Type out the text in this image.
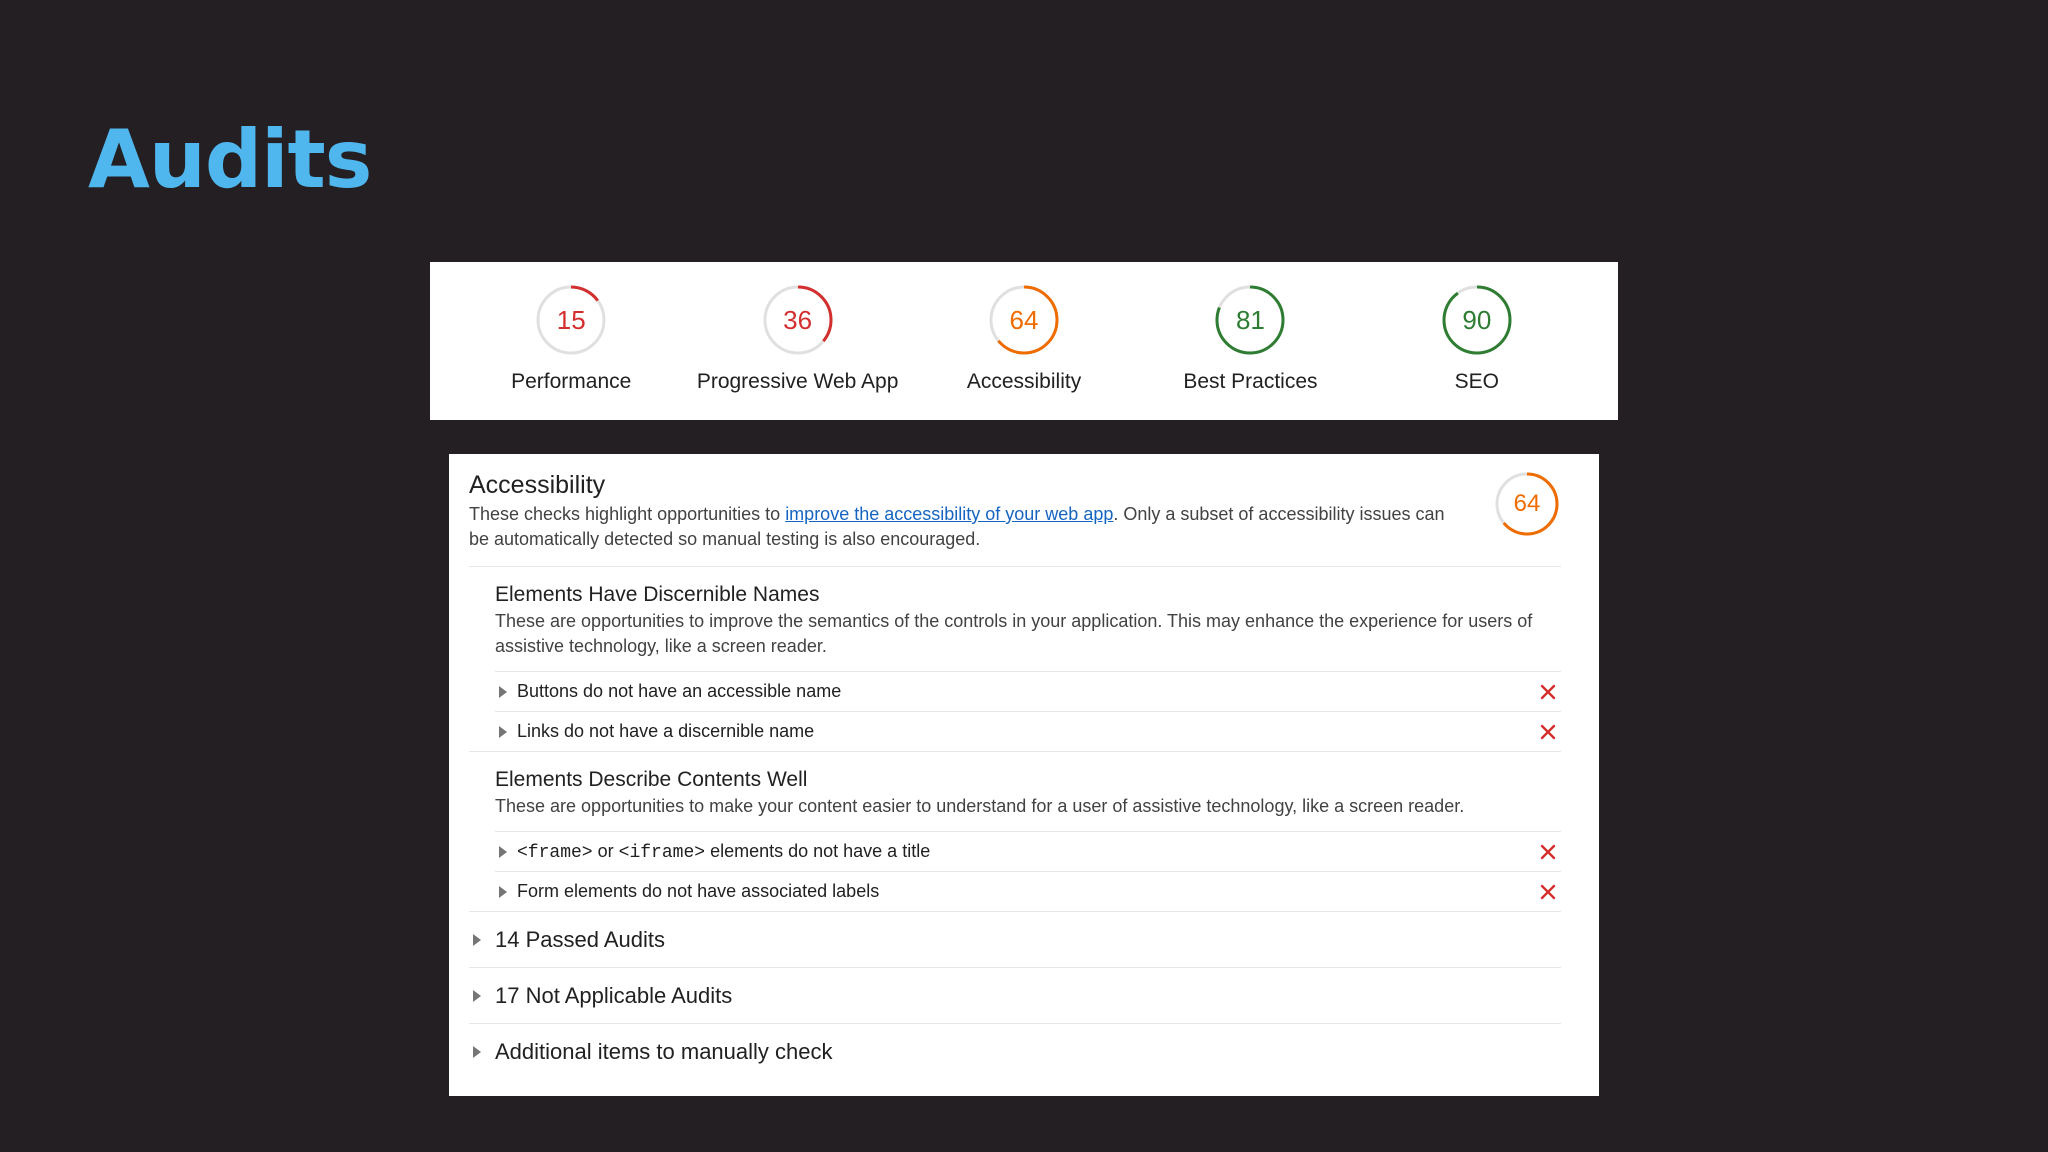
Audits
15
Performance
36
Progressive Web App
64
Accessibility
81
Best Practices
90
SEO
Accessibility
These checks highlight opportunities to improve the accessibility of your web app. Only a subset of accessibility issues can be automatically detected so manual testing is also encouraged.
64
Elements Have Discernible Names
These are opportunities to improve the semantics of the controls in your application. This may enhance the experience for users of assistive technology, like a screen reader.
Buttons do not have an accessible name
Links do not have a discernible name
Elements Describe Contents Well
These are opportunities to make your content easier to understand for a user of assistive technology, like a screen reader.
<frame> or <iframe> elements do not have a title
Form elements do not have associated labels
14 Passed Audits
17 Not Applicable Audits
Additional items to manually check
